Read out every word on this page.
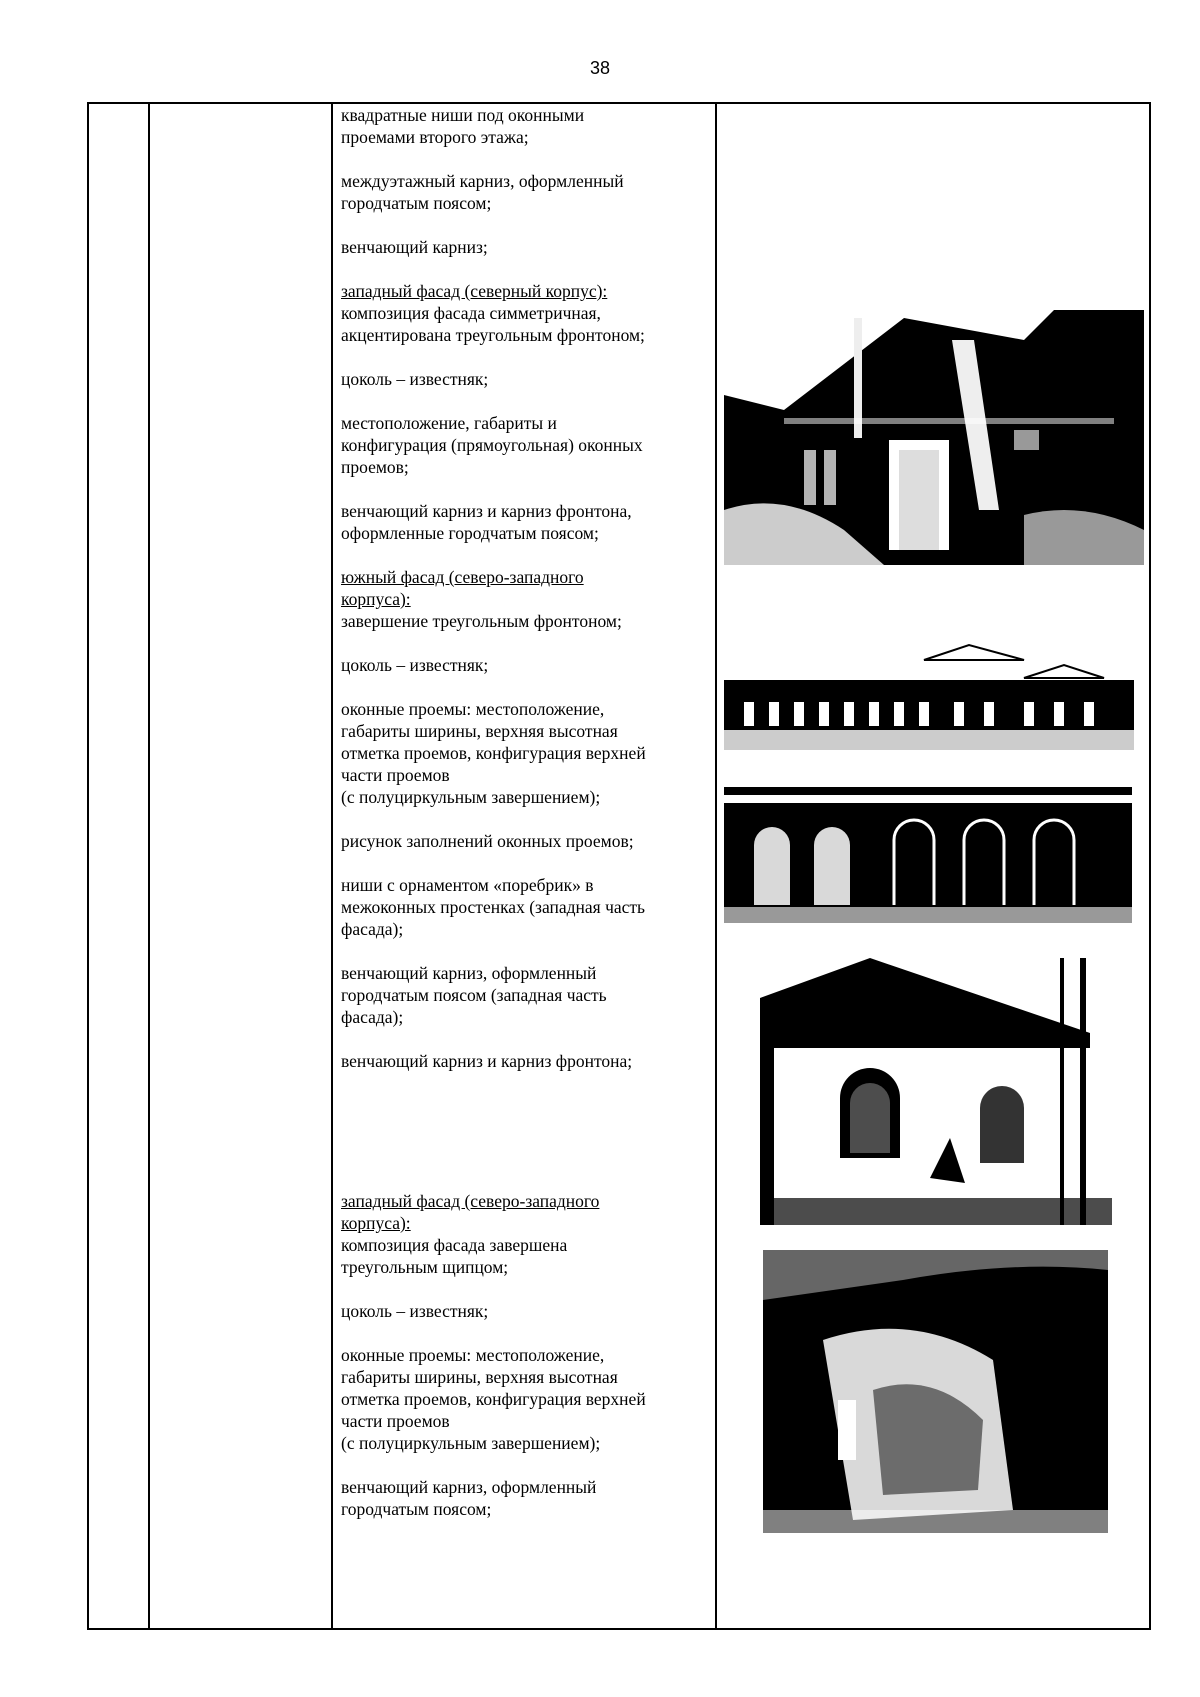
38

квадратные ниши под оконными
проемами второго этажа;

междуэтажный карниз, оформленный
городчатым поясом;

венчающий карниз;

западный фасад (северный корпус):
композиция фасада симметричная,
акцентирована треугольным фронтоном;

цоколь – известняк;

местоположение, габариты и
конфигурация (прямоугольная) оконных
проемов;

венчающий карниз и карниз фронтона,
оформленные городчатым поясом;

южный фасад (северо-западного
корпуса):
завершение треугольным фронтоном;

цоколь – известняк;

оконные проемы: местоположение,
габариты ширины, верхняя высотная
отметка проемов, конфигурация верхней
части проемов
(с полуциркульным завершением);

рисунок заполнений оконных проемов;

ниши с орнаментом «поребрик» в
межоконных простенках (западная часть
фасада);

венчающий карниз, оформленный
городчатым поясом (западная часть
фасада);

венчающий карниз и карниз фронтона;

западный фасад (северо-западного
корпуса):
композиция фасада завершена
треугольным щипцом;

цоколь – известняк;

оконные проемы: местоположение,
габариты ширины, верхняя высотная
отметка проемов, конфигурация верхней
части проемов
(с полуциркульным завершением);

венчающий карниз, оформленный
городчатым поясом;
